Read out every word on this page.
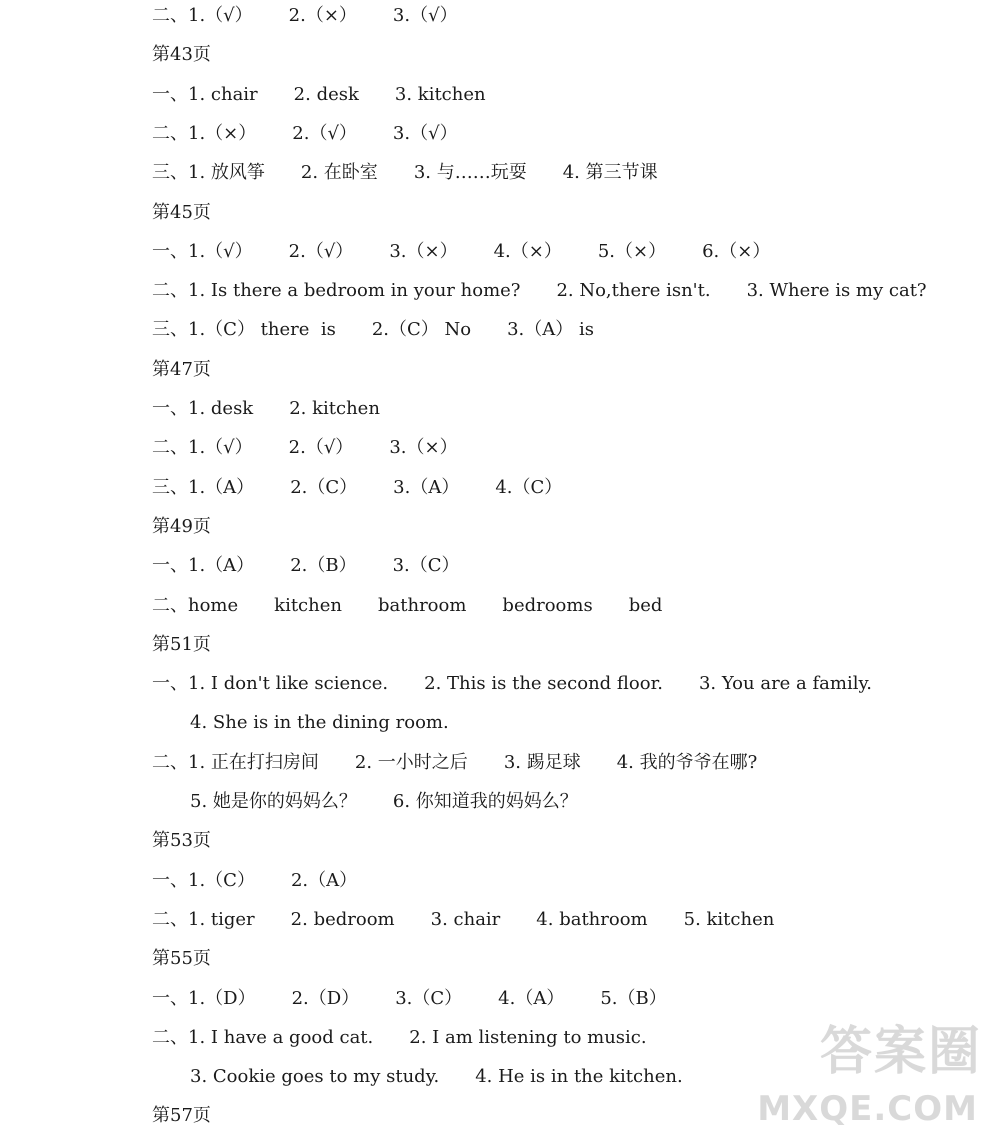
二、1.（√） 2.（×） 3.（√）
第43页
一、1. chair 2. desk 3. kitchen
二、1.（×） 2.（√） 3.（√）
三、1. 放风筝 2. 在卧室 3. 与……玩耍 4. 第三节课
第45页
一、1.（√） 2.（√） 3.（×） 4.（×） 5.（×） 6.（×）
二、1. Is there a bedroom in your home? 2. No,there isn't. 3. Where is my cat?
三、1.（C） there  is 2.（C） No 3.（A） is
第47页
一、1. desk 2. kitchen
二、1.（√） 2.（√） 3.（×）
三、1.（A） 2.（C） 3.（A） 4.（C）
第49页
一、1.（A） 2.（B） 3.（C）
二、home kitchen bathroom bedrooms bed
第51页
一、1. I don't like science. 2. This is the second floor. 3. You are a family.
4. She is in the dining room.
二、1. 正在打扫房间 2. 一小时之后 3. 踢足球 4. 我的爷爷在哪?
5. 她是你的妈妈么？ 6. 你知道我的妈妈么？
第53页
一、1.（C） 2.（A）
二、1. tiger 2. bedroom 3. chair 4. bathroom 5. kitchen
第55页
一、1.（D） 2.（D） 3.（C） 4.（A） 5.（B）
二、1. I have a good cat. 2. I am listening to music.
3. Cookie goes to my study. 4. He is in the kitchen.
第57页
答案圈
MXQE.COM
